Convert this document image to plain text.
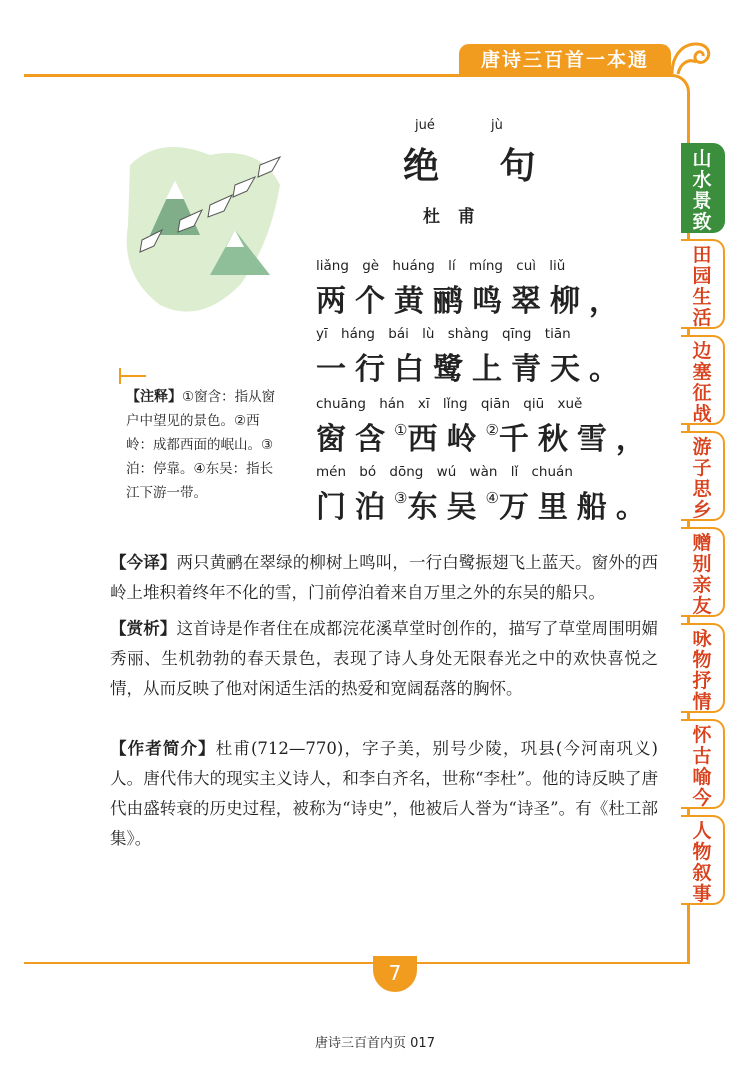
唐诗三百首一本通
山水景致
田园生活
边塞征战
游子思乡
赠别亲友
咏物抒情
怀古喻今
人物叙事
【注释】①窗含：指从窗户中望见的景色。②西岭：成都西面的岷山。③泊：停靠。④东吴：指长江下游一带。
jué	jù
绝 句
杜 甫
liǎng gè huáng lí míng cuì liǔ
两个黄鹂鸣翠柳，
yī háng bái lù shàng qīng tiān
一行白鹭上青天。
chuāng hán xī lǐng qiān qiū xuě
窗含①西岭②千秋雪，
mén bó dōng wú wàn lǐ chuán
门泊③东吴④万里船。
【今译】两只黄鹂在翠绿的柳树上鸣叫，一行白鹭振翅飞上蓝天。窗外的西岭上堆积着终年不化的雪，门前停泊着来自万里之外的东吴的船只。
【赏析】这首诗是作者住在成都浣花溪草堂时创作的，描写了草堂周围明媚秀丽、生机勃勃的春天景色，表现了诗人身处无限春光之中的欢快喜悦之情，从而反映了他对闲适生活的热爱和宽阔磊落的胸怀。
【作者简介】杜甫(712—770)，字子美，别号少陵，巩县(今河南巩义)人。唐代伟大的现实主义诗人，和李白齐名，世称“李杜”。他的诗反映了唐代由盛转衰的历史过程，被称为“诗史”，他被后人誉为“诗圣”。有《杜工部集》。
7
唐诗三百首内页 017
